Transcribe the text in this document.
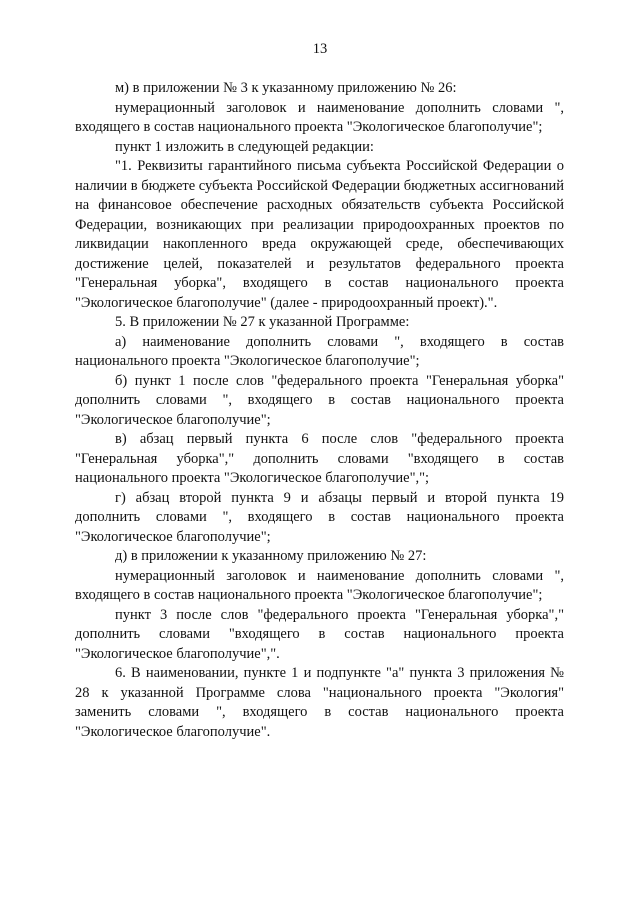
13

м) в приложении № 3 к указанному приложению № 26:

нумерационный заголовок и наименование дополнить словами ", входящего в состав национального проекта "Экологическое благополучие";

пункт 1 изложить в следующей редакции:

"1. Реквизиты гарантийного письма субъекта Российской Федерации о наличии в бюджете субъекта Российской Федерации бюджетных ассигнований на финансовое обеспечение расходных обязательств субъекта Российской Федерации, возникающих при реализации природоохранных проектов по ликвидации накопленного вреда окружающей среде, обеспечивающих достижение целей, показателей и результатов федерального проекта "Генеральная уборка", входящего в состав национального проекта "Экологическое благополучие" (далее - природоохранный проект).".

5. В приложении № 27 к указанной Программе:

а) наименование дополнить словами ", входящего в состав национального проекта "Экологическое благополучие";

б) пункт 1 после слов "федерального проекта "Генеральная уборка" дополнить словами ", входящего в состав национального проекта "Экологическое благополучие";

в) абзац первый пункта 6 после слов "федерального проекта "Генеральная уборка"," дополнить словами "входящего в состав национального проекта "Экологическое благополучие",";

г) абзац второй пункта 9 и абзацы первый и второй пункта 19 дополнить словами ", входящего в состав национального проекта "Экологическое благополучие";

д) в приложении к указанному приложению № 27:

нумерационный заголовок и наименование дополнить словами ", входящего в состав национального проекта "Экологическое благополучие";

пункт 3 после слов "федерального проекта "Генеральная уборка"," дополнить словами "входящего в состав национального проекта "Экологическое благополучие",".

6. В наименовании, пункте 1 и подпункте "а" пункта 3 приложения № 28 к указанной Программе слова "национального проекта "Экология" заменить словами ", входящего в состав национального проекта "Экологическое благополучие".
